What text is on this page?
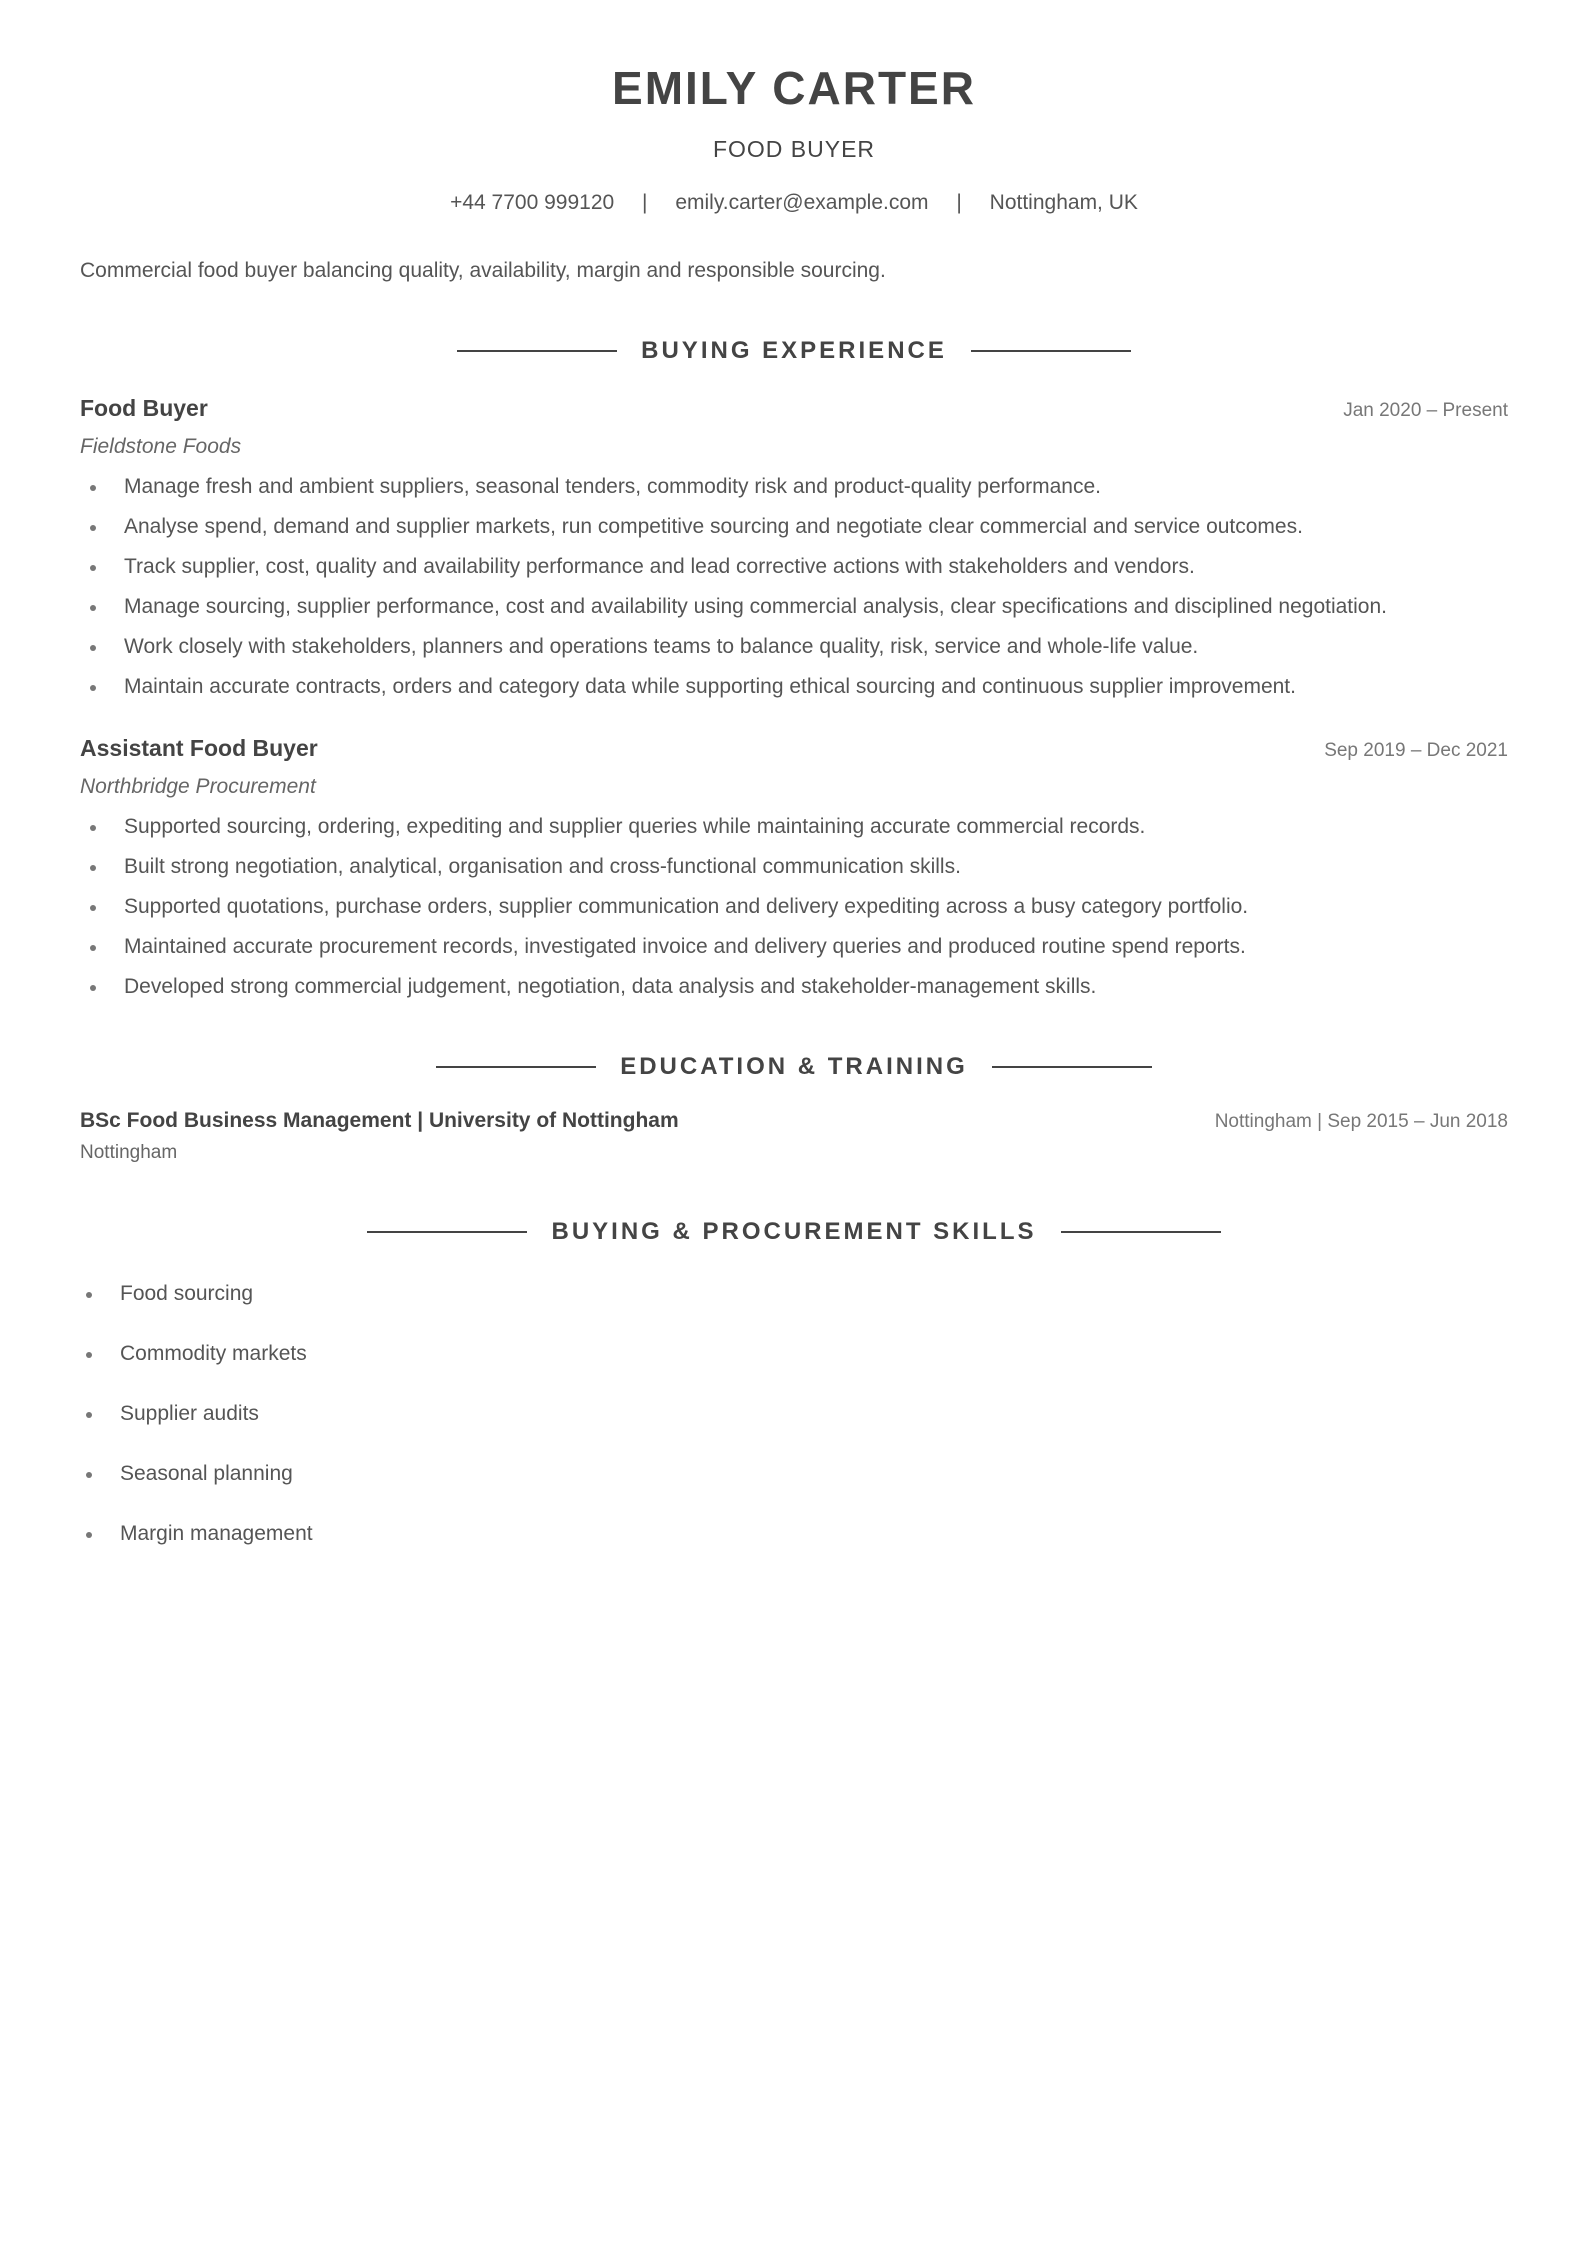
EMILY CARTER
FOOD BUYER
+44 7700 999120 | emily.carter@example.com | Nottingham, UK
Commercial food buyer balancing quality, availability, margin and responsible sourcing.
BUYING EXPERIENCE
Food Buyer	Jan 2020 – Present
Fieldstone Foods
Manage fresh and ambient suppliers, seasonal tenders, commodity risk and product-quality performance.
Analyse spend, demand and supplier markets, run competitive sourcing and negotiate clear commercial and service outcomes.
Track supplier, cost, quality and availability performance and lead corrective actions with stakeholders and vendors.
Manage sourcing, supplier performance, cost and availability using commercial analysis, clear specifications and disciplined negotiation.
Work closely with stakeholders, planners and operations teams to balance quality, risk, service and whole-life value.
Maintain accurate contracts, orders and category data while supporting ethical sourcing and continuous supplier improvement.
Assistant Food Buyer	Sep 2019 – Dec 2021
Northbridge Procurement
Supported sourcing, ordering, expediting and supplier queries while maintaining accurate commercial records.
Built strong negotiation, analytical, organisation and cross-functional communication skills.
Supported quotations, purchase orders, supplier communication and delivery expediting across a busy category portfolio.
Maintained accurate procurement records, investigated invoice and delivery queries and produced routine spend reports.
Developed strong commercial judgement, negotiation, data analysis and stakeholder-management skills.
EDUCATION & TRAINING
BSc Food Business Management | University of Nottingham	Nottingham | Sep 2015 – Jun 2018
Nottingham
BUYING & PROCUREMENT SKILLS
Food sourcing
Commodity markets
Supplier audits
Seasonal planning
Margin management
